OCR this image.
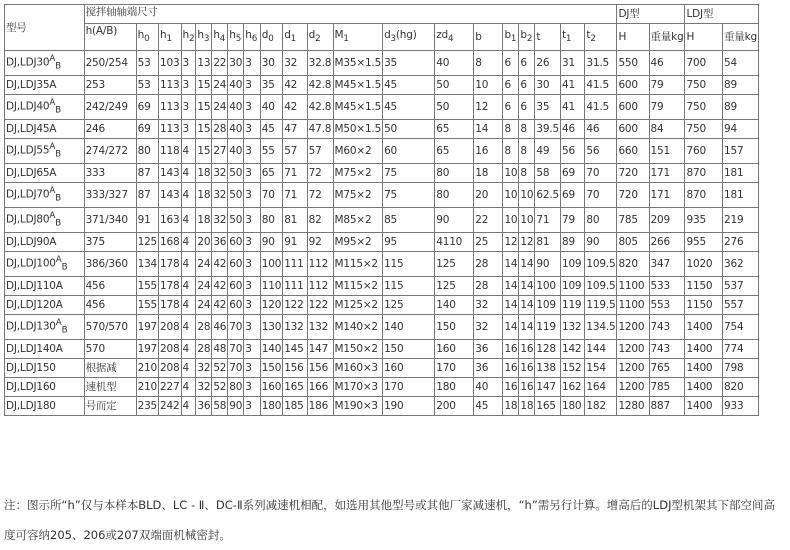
型号	搅拌轴轴端尺寸																				DJ型		LDJ型	
	h(A/B)	$h_0$	$h_1$	$h_2$	$h_3$	$h_4$	$h_5$	$h_6$	$d_0$	$d_1$	$d_2$	$M_1$	$d_3(hg)$	$zd_4$	b	$b_1$	$b_2$	t	$t_1$	$t_2$	H	重量kg	H	重量kg
$DJ,LDJ30^A_B$	250/254	53	103	3	13	22	30	3	30	32	32.8	M35×1.5	35	40	8	6	6	26	31	31.5	550	46	700	54
DJ,LDJ35A	253	53	113	3	15	24	40	3	35	42	42.8	M45×1.5	45	50	10	6	6	30	41	41.5	600	79	750	89
$DJ,LDJ40^A_B$	242/249	69	113	3	15	24	40	3	40	42	42.8	M45×1.5	45	50	12	6	6	35	41	41.5	600	79	750	89
DJ,LDJ45A	246	69	113	3	15	28	40	3	45	47	47.8	M50×1.5	50	65	14	8	8	39.5	46	46	600	84	750	94
$DJ,LDJ55^A_B$	274/272	80	118	4	15	27	40	3	55	57	57	M60×2	60	65	16	8	8	49	56	56	660	151	760	157
DJ,LDJ65A	333	87	143	4	18	32	50	3	65	71	72	M75×2	75	80	18	10	8	58	69	70	720	171	870	181
$DJ,LDJ70^A_B$	333/327	87	143	4	18	32	50	3	70	71	72	M75×2	75	80	20	10	10	62.5	69	70	720	171	870	181
$DJ,LDJ80^A_B$	371/340	91	163	4	18	32	50	3	80	81	82	M85×2	85	90	22	10	10	71	79	80	785	209	935	219
DJ,LDJ90A	375	125	168	4	20	36	60	3	90	91	92	M95×2	95	4110	25	12	12	81	89	90	805	266	955	276
$DJ,LDJ100^A_B$	386/360	134	178	4	24	42	60	3	100	111	112	M115×2	115	125	28	14	14	90	109	109.5	820	347	1020	362
DJ,LDJ110A	456	155	178	4	24	42	60	3	110	111	112	M115×2	115	125	28	14	14	100	109	109.5	1100	533	1150	537
DJ,LDJ120A	456	155	178	4	24	42	60	3	120	122	122	M125×2	125	140	32	14	14	109	119	119.5	1100	553	1150	557
$DJ,LDJ130^A_B$	570/570	197	208	4	28	46	70	3	130	132	132	M140×2	140	150	32	14	14	119	132	134.5	1200	743	1400	754
DJ,LDJ140A	570	197	208	4	28	48	70	3	140	145	147	M150×2	150	160	36	16	16	128	142	144	1200	743	1400	774
DJ,LDJ150	根据减	210	208	4	32	52	70	3	150	156	156	M160×3	160	170	36	16	16	138	152	154	1200	765	1400	798
DJ,LDJ160	速机型	210	227	4	32	52	80	3	160	165	166	M170×3	170	180	40	16	16	147	162	164	1200	785	1400	820
DJ,LDJ180	号而定	235	242	4	36	58	90	3	180	185	186	M190×3	190	200	45	18	18	165	180	182	1280	887	1400	933
注：图示所“h”仅与本样本BLD、LC - Ⅱ、DC-Ⅱ系列减速机相配，如选用其他型号或其他厂家减速机，“h”需另行计算。增高后的LDJ型机架其下部空间高度可容纳205、206或207双端面机械密封。
